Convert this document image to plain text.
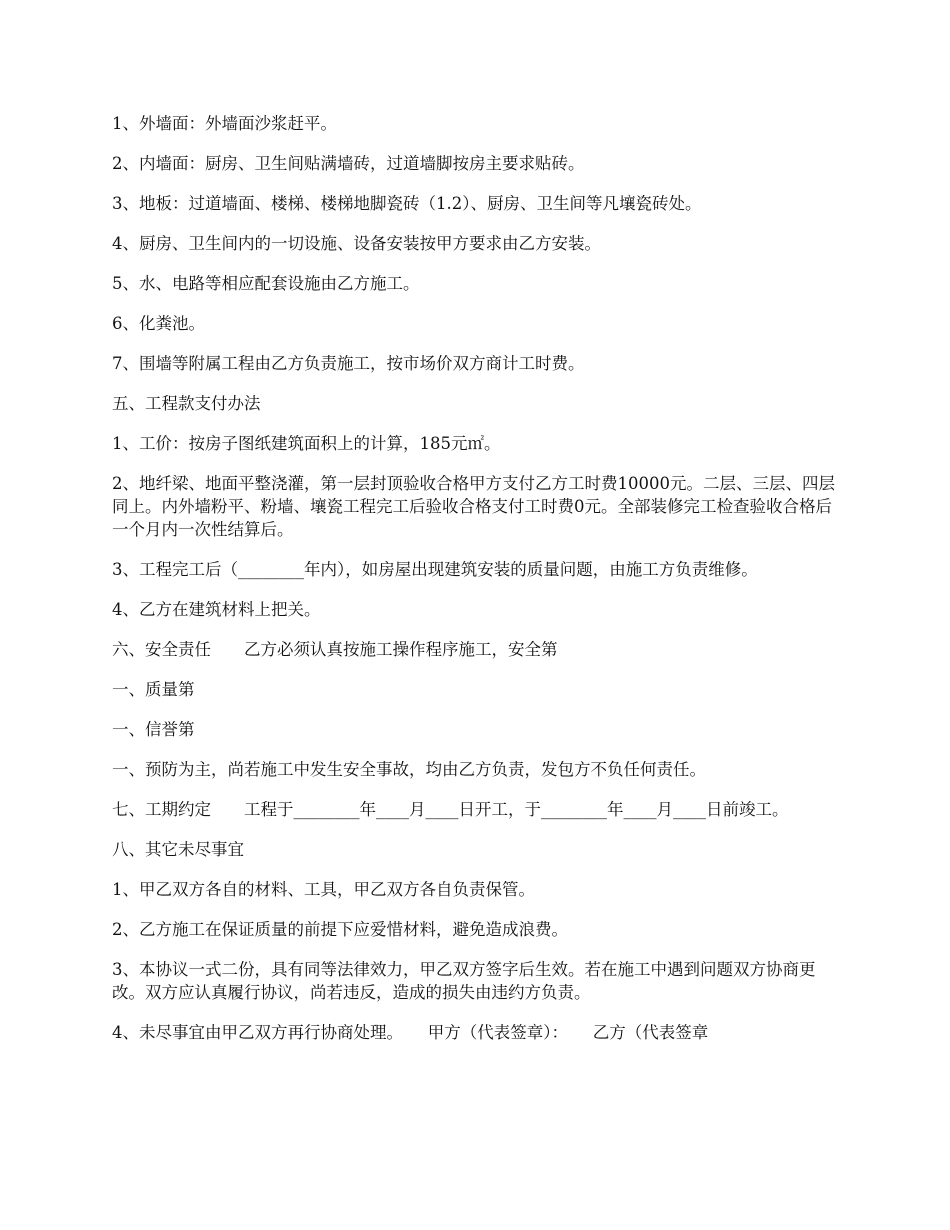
1、外墙面：外墙面沙浆赶平。

2、内墙面：厨房、卫生间贴满墙砖，过道墙脚按房主要求贴砖。

3、地板：过道墙面、楼梯、楼梯地脚瓷砖（1.2）、厨房、卫生间等凡壤瓷砖处。

4、厨房、卫生间内的一切设施、设备安装按甲方要求由乙方安装。

5、水、电路等相应配套设施由乙方施工。

6、化粪池。

7、围墙等附属工程由乙方负责施工，按市场价双方商计工时费。

五、工程款支付办法

1、工价：按房子图纸建筑面积上的计算，185元㎡。

2、地纤梁、地面平整浇灌，第一层封顶验收合格甲方支付乙方工时费10000元。二层、三层、四层同上。内外墙粉平、粉墙、壤瓷工程完工后验收合格支付工时费0元。全部装修完工检查验收合格后一个月内一次性结算后。

3、工程完工后（________年内），如房屋出现建筑安装的质量问题，由施工方负责维修。

4、乙方在建筑材料上把关。

六、安全责任　　乙方必须认真按施工操作程序施工，安全第

一、质量第

一、信誉第

一、预防为主，尚若施工中发生安全事故，均由乙方负责，发包方不负任何责任。

七、工期约定　　工程于________年____月____日开工，于________年____月____日前竣工。

八、其它未尽事宜

1、甲乙双方各自的材料、工具，甲乙双方各自负责保管。

2、乙方施工在保证质量的前提下应爱惜材料，避免造成浪费。

3、本协议一式二份，具有同等法律效力，甲乙双方签字后生效。若在施工中遇到问题双方协商更改。双方应认真履行协议，尚若违反，造成的损失由违约方负责。

4、未尽事宜由甲乙双方再行协商处理。　　甲方（代表签章）：　　乙方（代表签章
